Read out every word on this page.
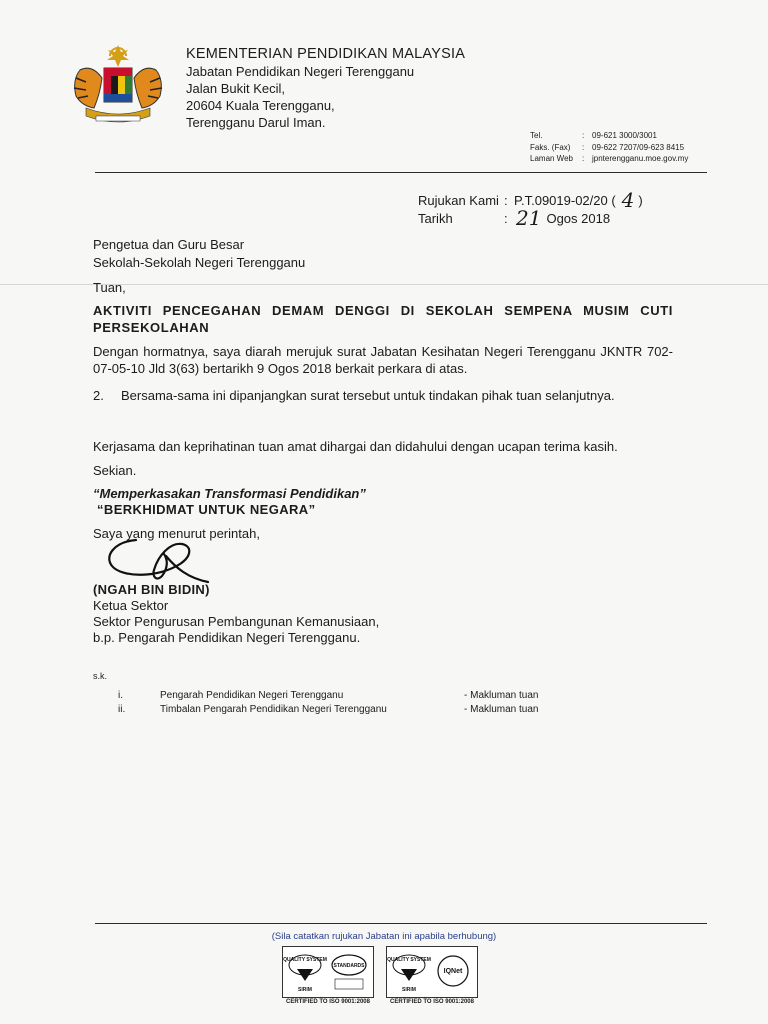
KEMENTERIAN PENDIDIKAN MALAYSIA
Jabatan Pendidikan Negeri Terengganu
Jalan Bukit Kecil,
20604 Kuala Terengganu,
Terengganu Darul Iman.
Tel.	: 09-621 3000/3001
Faks. (Fax)	: 09-622 7207/09-623 8415
Laman Web	: jpnterengganu.moe.gov.my
Rujukan Kami : P.T.09019-02/20 ( 4 )
Tarikh	: 21 Ogos 2018
Pengetua dan Guru Besar
Sekolah-Sekolah Negeri Terengganu
Tuan,
AKTIVITI PENCEGAHAN DEMAM DENGGI DI SEKOLAH SEMPENA MUSIM CUTI PERSEKOLAHAN
Dengan hormatnya, saya diarah merujuk surat Jabatan Kesihatan Negeri Terengganu JKNTR 702-07-05-10 Jld 3(63) bertarikh 9 Ogos 2018 berkait perkara di atas.
2. Bersama-sama ini dipanjangkan surat tersebut untuk tindakan pihak tuan selanjutnya.
Kerjasama dan keprihatinan tuan amat dihargai dan didahului dengan ucapan terima kasih.
Sekian.
“Memperkasakan Transformasi Pendidikan”
“BERKHIDMAT UNTUK NEGARA”
Saya yang menurut perintah,
(NGAH BIN BIDIN)
Ketua Sektor
Sektor Pengurusan Pembangunan Kemanusiaan,
b.p. Pengarah Pendidikan Negeri Terengganu.
s.k.
i.	Pengarah Pendidikan Negeri Terengganu	- Makluman tuan
ii.	Timbalan Pengarah Pendidikan Negeri Terengganu	- Makluman tuan
(Sila catatkan rujukan Jabatan ini apabila berhubung)
QUALITY SYSTEM
SIRIM
STANDARDS
QUALITY SYSTEM
SIRIM
IQNet
CERTIFIED TO ISO 9001:2008	CERTIFIED TO ISO 9001:2008
